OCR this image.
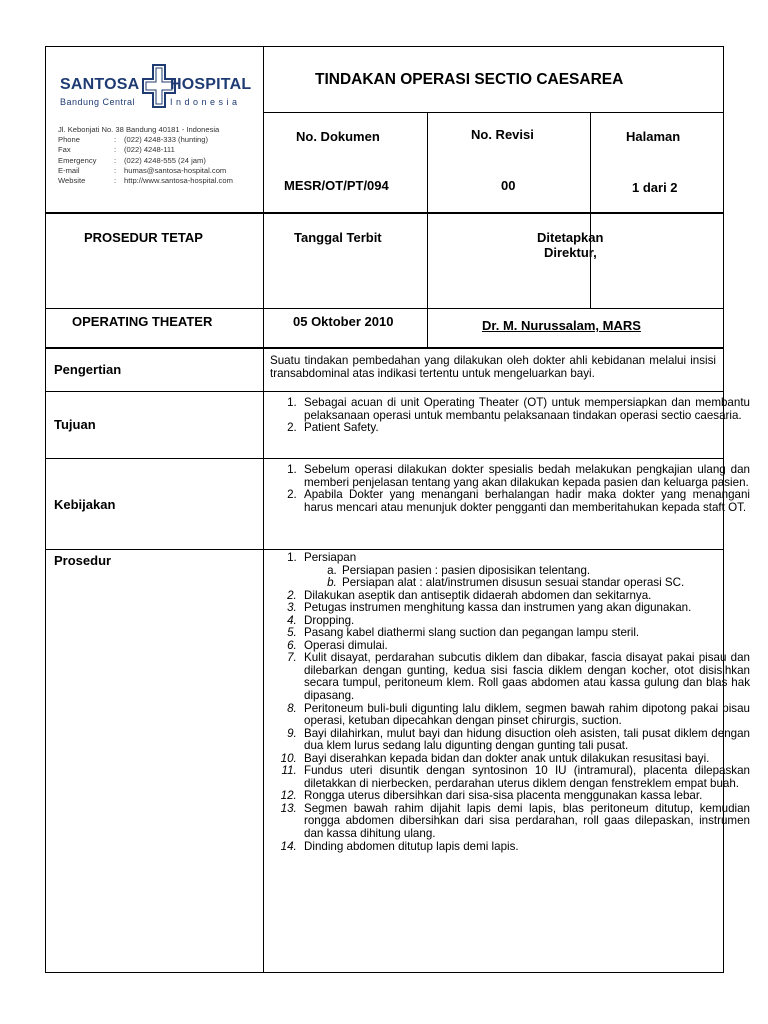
SANTOSA HOSPITAL
Bandung Central	I n d o n e s i a
Jl. Kebonjati No. 38 Bandung 40181 - Indonesia
Phone	:	(022) 4248-333 (hunting)
Fax	:	(022) 4248-111
Emergency	:	(022) 4248-555 (24 jam)
E-mail	:	humas@santosa-hospital.com
Website	:	http://www.santosa-hospital.com
TINDAKAN OPERASI SECTIO CAESAREA
No. Dokumen	No. Revisi	Halaman
MESR/OT/PT/094	00	1 dari 2
PROSEDUR TETAP	Tanggal Terbit	Ditetapkan
Direktur,
OPERATING THEATER	05 Oktober 2010	Dr. M. Nurussalam, MARS
Pengertian
Suatu tindakan pembedahan yang dilakukan oleh dokter ahli kebidanan melalui insisi transabdominal atas indikasi tertentu untuk mengeluarkan bayi.
Tujuan
1. Sebagai acuan di unit Operating Theater (OT) untuk mempersiapkan dan membantu pelaksanaan operasi untuk membantu pelaksanaan tindakan operasi sectio caesaria.
2. Patient Safety.
Kebijakan
1. Sebelum operasi dilakukan dokter spesialis bedah melakukan pengkajian ulang dan memberi penjelasan tentang yang akan dilakukan kepada pasien dan keluarga pasien.
2. Apabila Dokter yang menangani berhalangan hadir maka dokter yang menangani harus mencari atau menunjuk dokter pengganti dan memberitahukan kepada staft OT.
Prosedur
1.	Persiapan
a. Persiapan pasien : pasien diposisikan telentang.
b. Persiapan alat : alat/instrumen disusun sesuai standar operasi SC.
2. Dilakukan aseptik dan antiseptik didaerah abdomen dan sekitarnya.
3. Petugas instrumen menghitung kassa dan instrumen yang akan digunakan.
4. Dropping.
5. Pasang kabel diathermi slang suction dan pegangan lampu steril.
6. Operasi dimulai.
7. Kulit disayat, perdarahan subcutis diklem dan dibakar, fascia disayat pakai pisau dan dilebarkan dengan gunting, kedua sisi fascia diklem dengan kocher, otot disisihkan secara tumpul, peritoneum klem. Roll gaas abdomen atau kassa gulung dan blas hak dipasang.
8. Peritoneum buli-buli digunting lalu diklem, segmen bawah rahim dipotong pakai pisau operasi, ketuban dipecahkan dengan pinset chirurgis, suction.
9. Bayi dilahirkan, mulut bayi dan hidung disuction oleh asisten, tali pusat diklem dengan dua klem lurus sedang lalu digunting dengan gunting tali pusat.
10. Bayi diserahkan kepada bidan dan dokter anak untuk dilakukan resusitasi bayi.
11. Fundus uteri disuntik dengan syntosinon 10 IU (intramural), placenta dilepaskan diletakkan di nierbecken, perdarahan uterus diklem dengan fenstreklem empat buah.
12. Rongga uterus dibersihkan dari sisa-sisa placenta menggunakan kassa lebar.
13. Segmen bawah rahim dijahit lapis demi lapis, blas peritoneum ditutup, kemudian rongga abdomen dibersihkan dari sisa perdarahan, roll gaas dilepaskan, instrumen dan kassa dihitung ulang.
14. Dinding abdomen ditutup lapis demi lapis.
